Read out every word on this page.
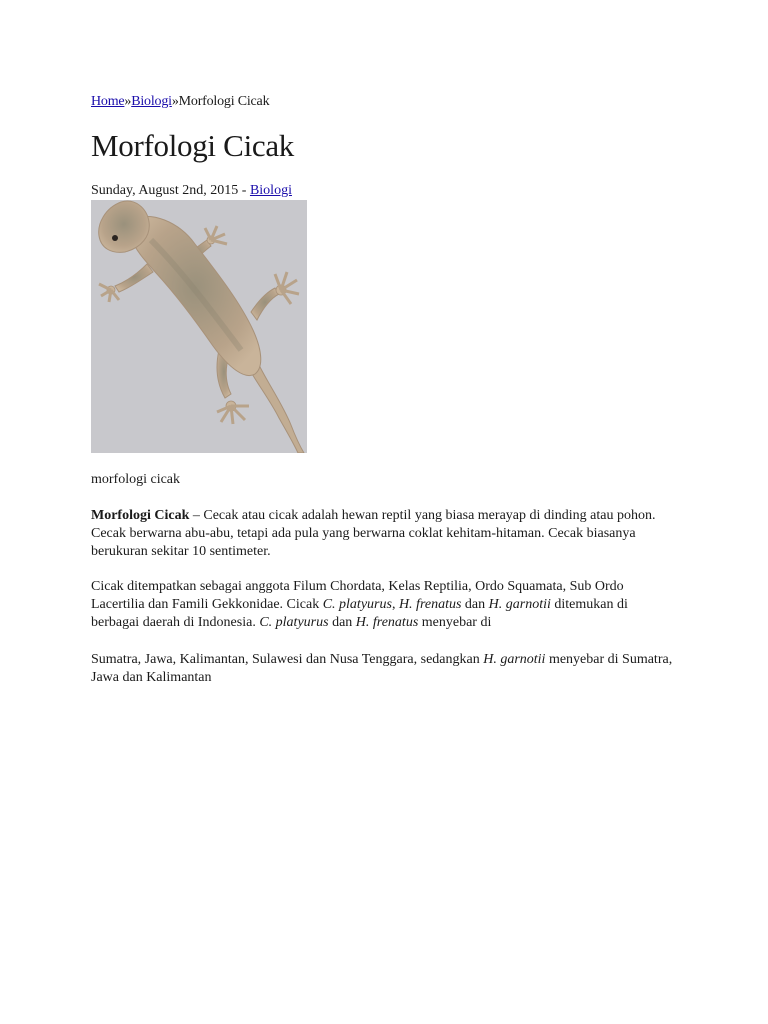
Home»Biologi»Morfologi Cicak
Morfologi Cicak
Sunday, August 2nd, 2015 - Biologi
morfologi cicak

Morfologi Cicak – Cecak atau cicak adalah hewan reptil yang biasa merayap di dinding atau pohon. Cecak berwarna abu-abu, tetapi ada pula yang berwarna coklat kehitam-hitaman. Cecak biasanya berukuran sekitar 10 sentimeter.

Cicak ditempatkan sebagai anggota Filum Chordata, Kelas Reptilia, Ordo Squamata, Sub Ordo Lacertilia dan Famili Gekkonidae. Cicak C. platyurus, H. frenatus dan H. garnotii ditemukan di berbagai daerah di Indonesia. C. platyurus dan H. frenatus menyebar di

Sumatra, Jawa, Kalimantan, Sulawesi dan Nusa Tenggara, sedangkan H. garnotii menyebar di Sumatra, Jawa dan Kalimantan
